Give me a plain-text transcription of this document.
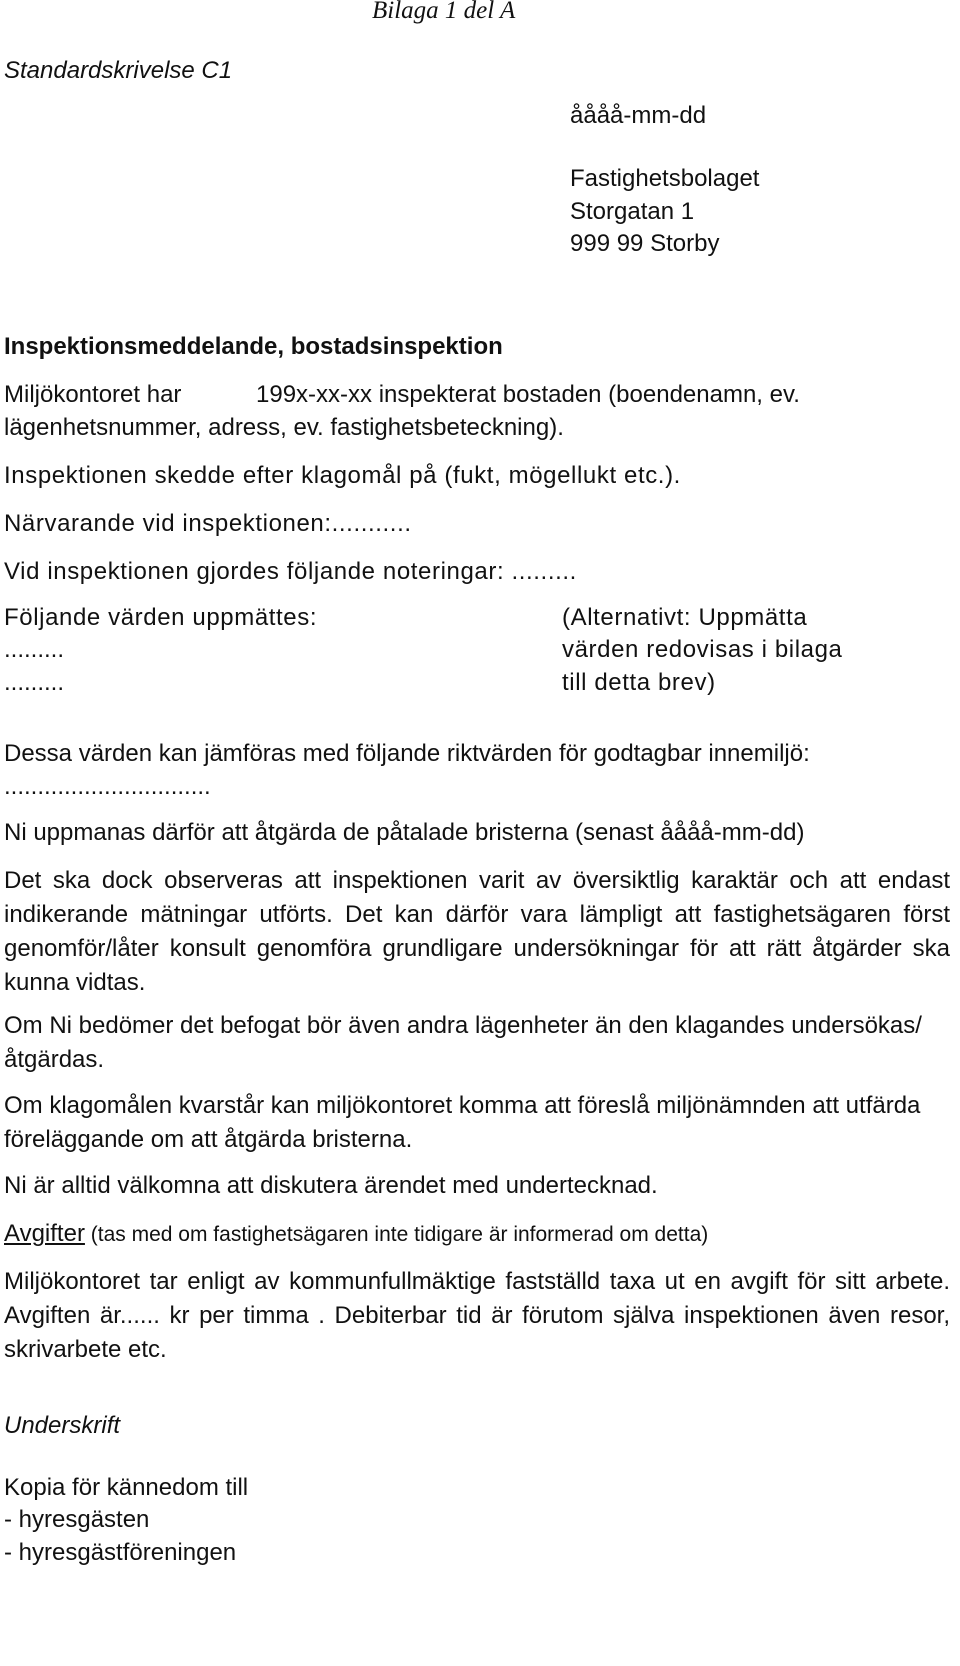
Bilaga 1 del A
Standardskrivelse C1
åååå-mm-dd
Fastighetsbolaget
Storgatan 1
999 99 Storby
Inspektionsmeddelande, bostadsinspektion
Miljökontoret har	199x-xx-xx inspekterat bostaden (boendenamn, ev.
lägenhetsnummer, adress, ev. fastighetsbeteckning).
Inspektionen skedde efter klagomål på (fukt, mögellukt etc.).
Närvarande vid inspektionen:...........
Vid inspektionen gjordes följande noteringar: .........
Följande värden uppmättes:
.........
.........
(Alternativt: Uppmätta
värden redovisas i bilaga
till detta brev)
Dessa värden kan jämföras med följande riktvärden för godtagbar innemiljö:
...............................
Ni uppmanas därför att åtgärda de påtalade bristerna (senast åååå-mm-dd)
Det ska dock observeras att inspektionen varit av översiktlig karaktär och att endast indikerande mätningar utförts. Det kan därför vara lämpligt att fastighetsägaren först genomför/låter konsult genomföra grundligare undersökningar för att rätt åtgärder ska kunna vidtas.
Om Ni bedömer det befogat bör även andra lägenheter än den klagandes undersökas/åtgärdas.
Om klagomålen kvarstår kan miljökontoret komma att föreslå miljönämnden att utfärda föreläggande om att åtgärda bristerna.
Ni är alltid välkomna att diskutera ärendet med undertecknad.
Avgifter (tas med om fastighetsägaren inte tidigare är informerad om detta)
Miljökontoret tar enligt av kommunfullmäktige fastställd taxa ut en avgift för sitt arbete. Avgiften är...... kr per timma . Debiterbar tid är förutom själva inspektionen även resor, skrivarbete etc.
Underskrift
Kopia för kännedom till
- hyresgästen
- hyresgästföreningen
